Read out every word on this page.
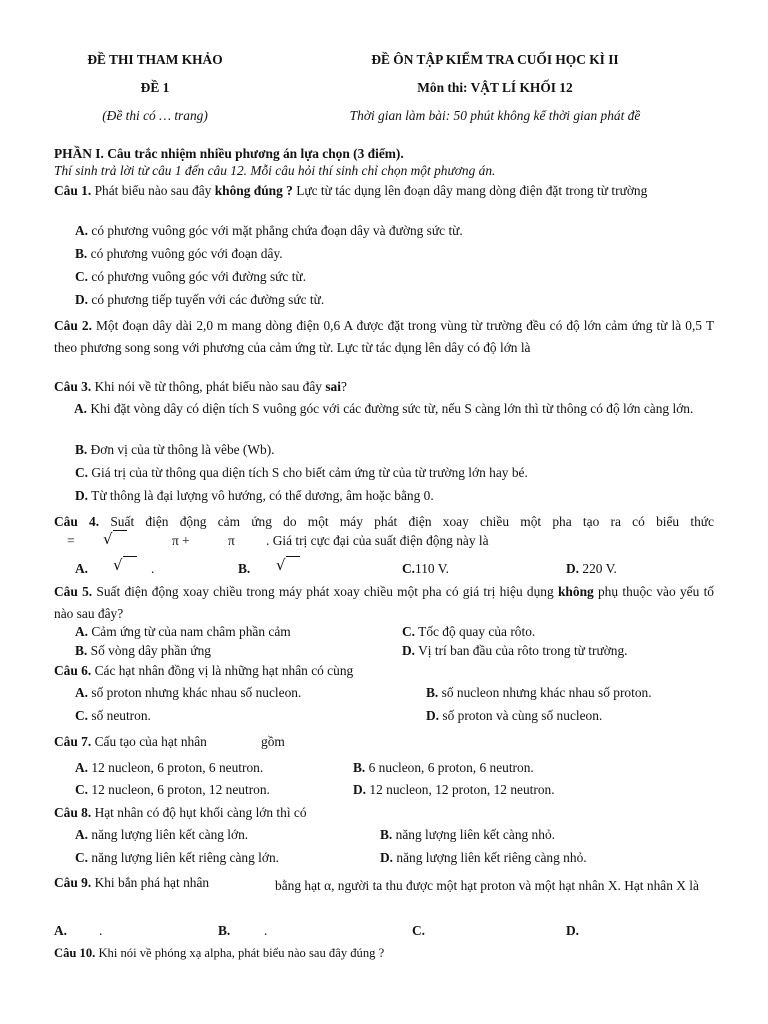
ĐỀ THI THAM KHẢO
ĐỀ 1
(Đề thi có … trang)
ĐỀ ÔN TẬP KIỂM TRA CUỐI HỌC KÌ II
Môn thi: VẬT LÍ KHỐI 12
Thời gian làm bài: 50 phút không kể thời gian phát đề
PHẦN I. Câu trắc nhiệm nhiều phương án lựa chọn (3 điểm).
Thí sinh trả lời từ câu 1 đến câu 12. Mỗi câu hỏi thí sinh chỉ chọn một phương án.
Câu 1. Phát biểu nào sau đây không đúng ? Lực từ tác dụng lên đoạn dây mang dòng điện đặt trong từ trường
A. có phương vuông góc với mặt phẳng chứa đoạn dây và đường sức từ.
B. có phương vuông góc với đoạn dây.
C. có phương vuông góc với đường sức từ.
D. có phương tiếp tuyến với các đường sức từ.
Câu 2. Một đoạn dây dài 2,0 m mang dòng điện 0,6 A được đặt trong vùng từ trường đều có độ lớn cảm ứng từ là 0,5 T theo phương song song với phương của cảm ứng từ. Lực từ tác dụng lên dây có độ lớn là
Câu 3. Khi nói về từ thông, phát biểu nào sau đây sai?
A. Khi đặt vòng dây có diện tích S vuông góc với các đường sức từ, nếu S càng lớn thì từ thông có độ lớn càng lớn.
B. Đơn vị của từ thông là vêbe (Wb).
C. Giá trị của từ thông qua diện tích S cho biết cảm ứng từ của từ trường lớn hay bé.
D. Từ thông là đại lượng vô hướng, có thể dương, âm hoặc bằng 0.
Câu 4. Suất điện động cảm ứng do một máy phát điện xoay chiều một pha tạo ra có biểu thức
= √	π +	π . Giá trị cực đại của suất điện động này là
A. √ .	B. √	C.110 V.	D. 220 V.
Câu 5. Suất điện động xoay chiều trong máy phát xoay chiều một pha có giá trị hiệu dụng không phụ thuộc vào yếu tố nào sau đây?
A. Cảm ứng từ của nam châm phần cảm	C. Tốc độ quay của rôto.
B. Số vòng dây phần ứng	D. Vị trí ban đầu của rôto trong từ trường.
Câu 6. Các hạt nhân đồng vị là những hạt nhân có cùng
A. số proton nhưng khác nhau số nucleon.	B. số nucleon nhưng khác nhau số proton.
C. số neutron.	D. số proton và cùng số nucleon.
Câu 7. Cấu tạo của hạt nhân	gồm
A. 12 nucleon, 6 proton, 6 neutron.	B. 6 nucleon, 6 proton, 6 neutron.
C. 12 nucleon, 6 proton, 12 neutron.	D. 12 nucleon, 12 proton, 12 neutron.
Câu 8. Hạt nhân có độ hụt khối càng lớn thì có
A. năng lượng liên kết càng lớn.	B. năng lượng liên kết càng nhỏ.
C. năng lượng liên kết riêng càng lớn.	D. năng lượng liên kết riêng càng nhỏ.
Câu 9. Khi bắn phá hạt nhân	bằng hạt α, người ta thu được một hạt proton và một hạt nhân X. Hạt nhân X là
A. .	B.	.	C.	D.
Câu 10. Khi nói về phóng xạ alpha, phát biểu nào sau đây đúng ?
